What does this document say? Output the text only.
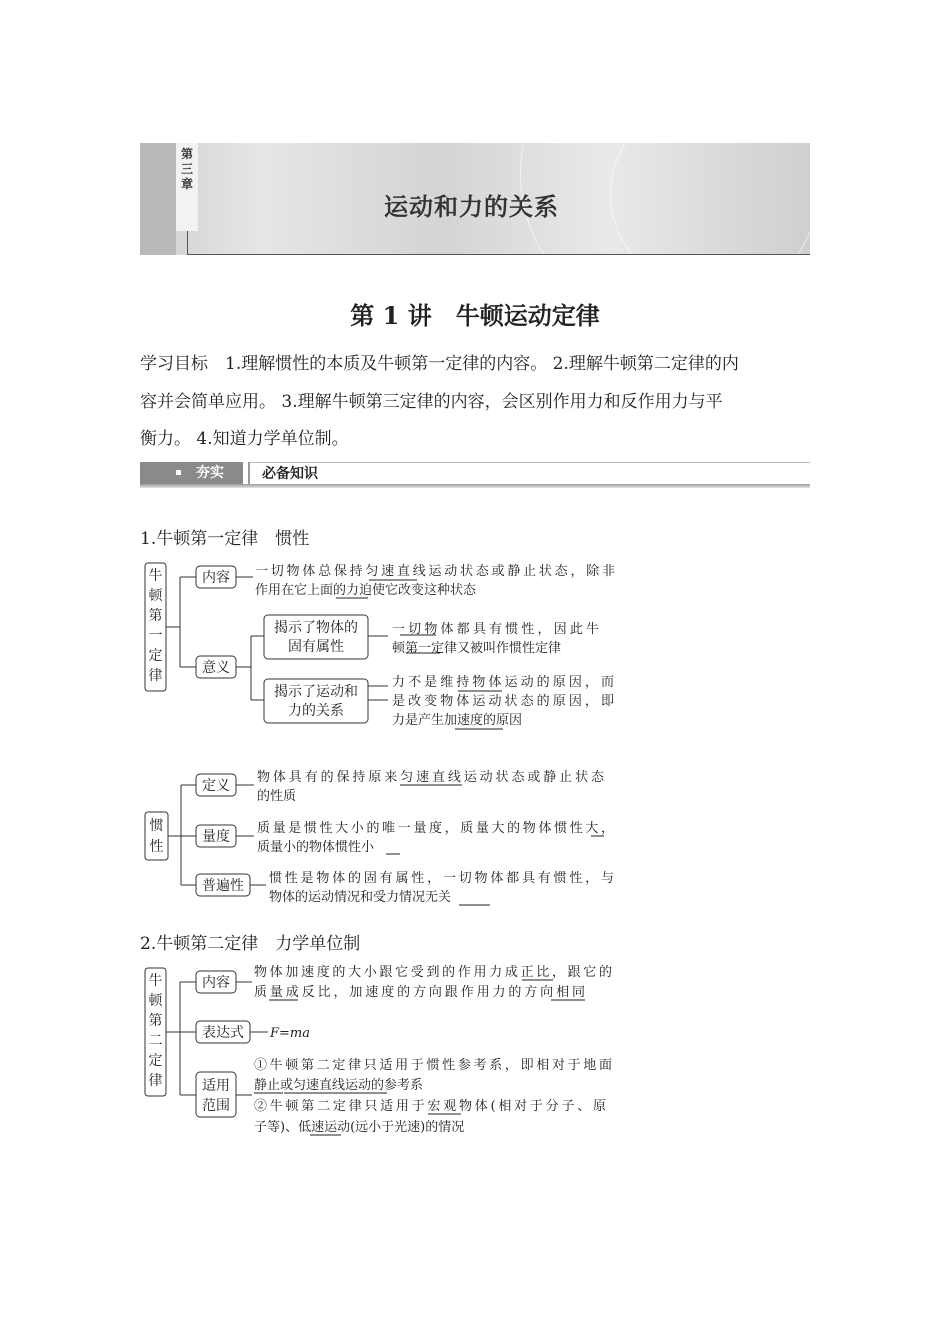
第
三
章
运动和力的关系
第 1 讲　牛顿运动定律
学习目标　1.理解惯性的本质及牛顿第一定律的内容。 2.理解牛顿第二定律的内
容并会简单应用。 3.理解牛顿第三定律的内容，会区别作用力和反作用力与平
衡力。 4.知道力学单位制。
夯实	必备知识
1.牛顿第一定律　惯性
牛
顿
第
一
定
律
内容
意义
揭示了物体的
固有属性
揭示了运动和
力的关系
一切物体总保持匀速直线运动状态或静止状态，除非
作用在它上面的力迫使它改变这种状态
一切物体都具有惯性，因此牛
顿第一定律又被叫作惯性定律
力不是维持物体运动的原因，而
是改变物体运动状态的原因，即
力是产生加速度的原因
惯
性
定义
量度
普遍性
物体具有的保持原来匀速直线运动状态或静止状态
的性质
质量是惯性大小的唯一量度，质量大的物体惯性大，
质量小的物体惯性小
惯性是物体的固有属性，一切物体都具有惯性，与
物体的运动情况和受力情况无关
2.牛顿第二定律　力学单位制
牛
顿
第
二
定
律
内容
表达式
适用
范围
物体加速度的大小跟它受到的作用力成正比，跟它的
质量成反比，加速度的方向跟作用力的方向相同
F=ma
①牛顿第二定律只适用于惯性参考系，即相对于地面
静止或匀速直线运动的参考系
②牛顿第二定律只适用于宏观物体(相对于分子、原
子等)、低速运动(远小于光速)的情况
